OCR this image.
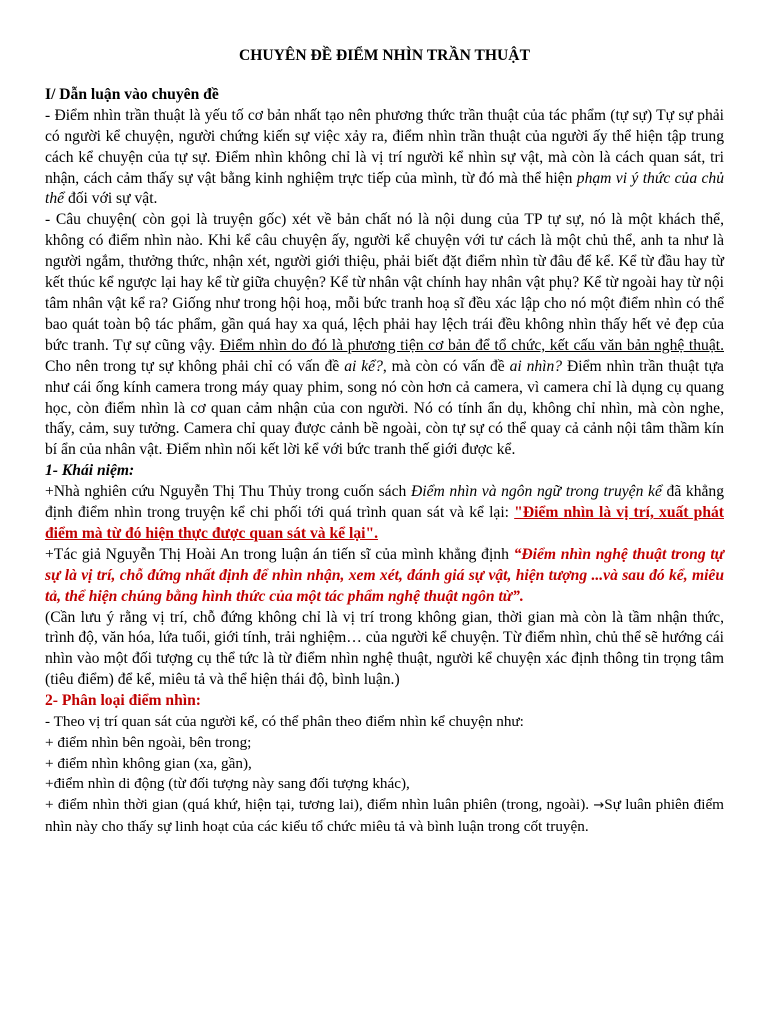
CHUYÊN ĐỀ ĐIỂM NHÌN TRẦN THUẬT
I/ Dẫn luận vào chuyên đề

- Điểm nhìn trần thuật là yếu tố cơ bản nhất tạo nên phương thức trần thuật của tác phẩm (tự sự) Tự sự phải có người kể chuyện, người chứng kiến sự việc xảy ra, điểm nhìn trần thuật của người ấy thể hiện tập trung cách kể chuyện của tự sự. Điểm nhìn không chỉ là vị trí người kể nhìn sự vật, mà còn là cách quan sát, tri nhận, cách cảm thấy sự vật bằng kinh nghiệm trực tiếp của mình, từ đó mà thể hiện phạm vi ý thức của chủ thể đối với sự vật.

- Câu chuyện( còn gọi là truyện gốc) xét về bản chất nó là nội dung của TP tự sự, nó là một khách thể, không có điểm nhìn nào. Khi kể câu chuyện ấy, người kể chuyện với tư cách là một chủ thể, anh ta như là người ngắm, thưởng thức, nhận xét, người giới thiệu, phải biết đặt điểm nhìn từ đâu để kể. Kể từ đầu hay từ kết thúc kể ngược lại hay kể từ giữa chuyện? Kể từ nhân vật chính hay nhân vật phụ? Kể từ ngoài hay từ nội tâm nhân vật kể ra? Giống như trong hội hoạ, mỗi bức tranh hoạ sĩ đều xác lập cho nó một điểm nhìn có thể bao quát toàn bộ tác phẩm, gần quá hay xa quá, lệch phải hay lệch trái đều không nhìn thấy hết vẻ đẹp của bức tranh. Tự sự cũng vậy. Điểm nhìn do đó là phương tiện cơ bản để tổ chức, kết cấu văn bản nghệ thuật. Cho nên trong tự sự không phải chỉ có vấn đề ai kể?, mà còn có vấn đề ai nhìn? Điểm nhìn trần thuật tựa như cái ống kính camera trong máy quay phim, song nó còn hơn cả camera, vì camera chỉ là dụng cụ quang học, còn điểm nhìn là cơ quan cảm nhận của con người. Nó có tính ẩn dụ, không chỉ nhìn, mà còn nghe, thấy, cảm, suy tưởng. Camera chỉ quay được cảnh bề ngoài, còn tự sự có thể quay cả cảnh nội tâm thầm kín bí ẩn của nhân vật. Điểm nhìn nối kết lời kể với bức tranh thế giới được kể.

1- Khái niệm:

+Nhà nghiên cứu Nguyễn Thị Thu Thủy trong cuốn sách Điểm nhìn và ngôn ngữ trong truyện kể đã khẳng định điểm nhìn trong truyện kể chi phối tới quá trình quan sát và kể lại: "Điểm nhìn là vị trí, xuất phát điểm mà từ đó hiện thực được quan sát và kể lại".

+Tác giả Nguyễn Thị Hoài An trong luận án tiến sĩ của mình khẳng định “Điểm nhìn nghệ thuật trong tự sự là vị trí, chỗ đứng nhất định để nhìn nhận, xem xét, đánh giá sự vật, hiện tượng ...và sau đó kể, miêu tả, thể hiện chúng bằng hình thức của một tác phẩm nghệ thuật ngôn từ”.

(Cần lưu ý rằng vị trí, chỗ đứng không chỉ là vị trí trong không gian, thời gian mà còn là tầm nhận thức, trình độ, văn hóa, lứa tuổi, giới tính, trải nghiệm… của người kể chuyện. Từ điểm nhìn, chủ thể sẽ hướng cái nhìn vào một đối tượng cụ thể tức là từ điểm nhìn nghệ thuật, người kể chuyện xác định thông tin trọng tâm (tiêu điểm) để kể, miêu tả và thể hiện thái độ, bình luận.)

2- Phân loại điểm nhìn:

- Theo vị trí quan sát của người kể, có thể phân theo điểm nhìn kể chuyện như:

+ điểm nhìn bên ngoài, bên trong;

+ điểm nhìn không gian (xa, gần),

+điểm nhìn di động (từ đối tượng này sang đối tượng khác),

+ điểm nhìn thời gian (quá khứ, hiện tại, tương lai), điểm nhìn luân phiên (trong, ngoài). →Sự luân phiên điểm nhìn này cho thấy sự linh hoạt của các kiểu tổ chức miêu tả và bình luận trong cốt truyện.
